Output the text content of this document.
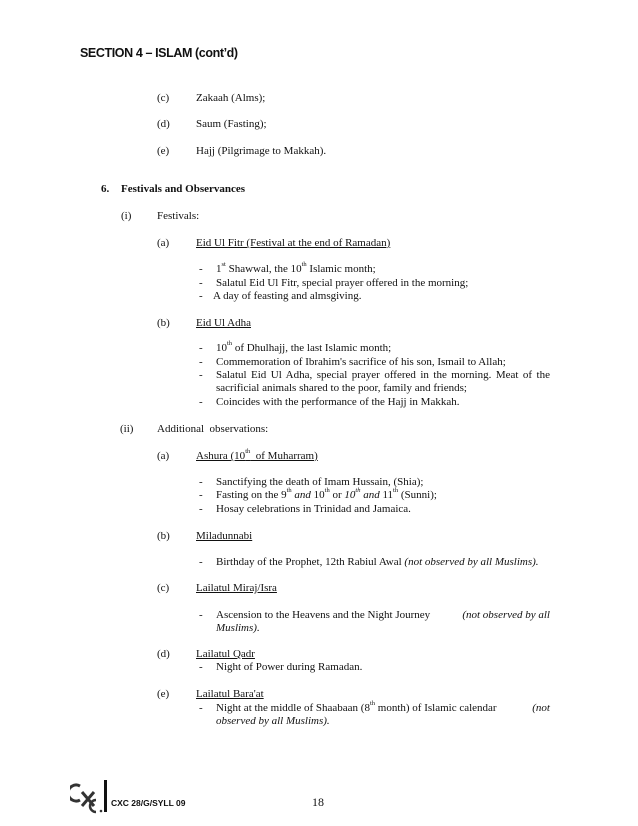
SECTION 4 – ISLAM (cont’d)
(c) Zakaah (Alms);
(d) Saum (Fasting);
(e) Hajj (Pilgrimage to Makkah).
6. Festivals and Observances
(i) Festivals:
(a) Eid Ul Fitr (Festival at the end of Ramadan)
- 1st Shawwal, the 10th Islamic month;
- Salatul Eid Ul Fitr, special prayer offered in the morning;
- A day of feasting and almsgiving.
(b) Eid Ul Adha
- 10th of Dhulhajj, the last Islamic month;
- Commemoration of Ibrahim's sacrifice of his son, Ismail to Allah;
- Salatul Eid Ul Adha, special prayer offered in the morning. Meat of the
sacrificial animals shared to the poor, family and friends;
- Coincides with the performance of the Hajj in Makkah.
(ii) Additional  observations:
(a) Ashura (10th  of Muharram)
- Sanctifying the death of Imam Hussain, (Shia);
- Fasting on the 9th and 10th or 10th and 11th (Sunni);
- Hosay celebrations in Trinidad and Jamaica.
(b) Miladunnabi
- Birthday of the Prophet, 12th Rabiul Awal (not observed by all Muslims).
(c) Lailatul Miraj/Isra
- Ascension to the Heavens and the Night Journey	(not observed by all
Muslims).
(d) Lailatul Qadr
- Night of Power during Ramadan.
(e) Lailatul Bara'at
- Night at the middle of Shaabaan (8th month) of Islamic calendar	(not
observed by all Muslims).
CXC 28/G/SYLL 09	18
